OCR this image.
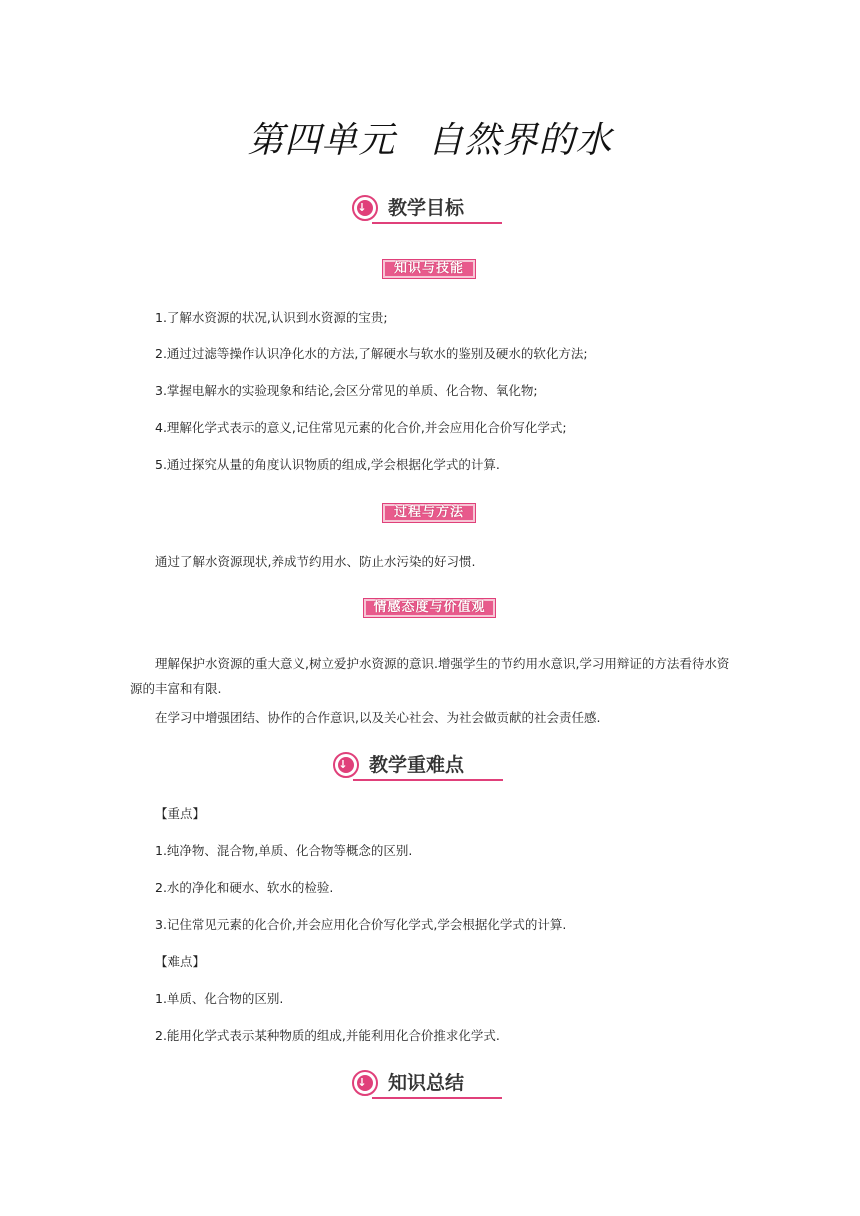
第四单元 自然界的水
↓ 教学目标
知识与技能
1.了解水资源的状况,认识到水资源的宝贵;
2.通过过滤等操作认识净化水的方法,了解硬水与软水的鉴别及硬水的软化方法;
3.掌握电解水的实验现象和结论,会区分常见的单质、化合物、氧化物;
4.理解化学式表示的意义,记住常见元素的化合价,并会应用化合价写化学式;
5.通过探究从量的角度认识物质的组成,学会根据化学式的计算.
过程与方法
通过了解水资源现状,养成节约用水、防止水污染的好习惯.
情感态度与价值观
理解保护水资源的重大意义,树立爱护水资源的意识.增强学生的节约用水意识,学习用辩证的方法看待水资源的丰富和有限.
在学习中增强团结、协作的合作意识,以及关心社会、为社会做贡献的社会责任感.
↓ 教学重难点
【重点】
1.纯净物、混合物,单质、化合物等概念的区别.
2.水的净化和硬水、软水的检验.
3.记住常见元素的化合价,并会应用化合价写化学式,学会根据化学式的计算.
【难点】
1.单质、化合物的区别.
2.能用化学式表示某种物质的组成,并能利用化合价推求化学式.
↓ 知识总结
